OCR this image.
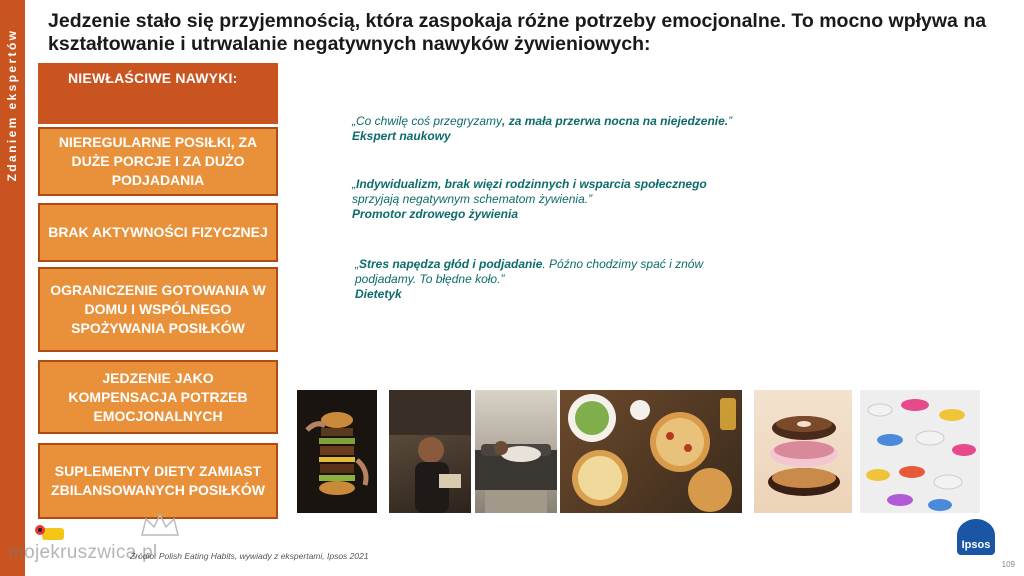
Zdaniem ekspertów
Jedzenie stało się przyjemnością, która zaspokaja różne potrzeby emocjonalne. To mocno wpływa na kształtowanie i utrwalanie negatywnych nawyków żywieniowych:
NIEWŁAŚCIWE NAWYKI:
NIEREGULARNE POSIŁKI, ZA DUŻE PORCJE I ZA DUŻO PODJADANIA
BRAK AKTYWNOŚCI FIZYCZNEJ
OGRANICZENIE GOTOWANIA W DOMU I WSPÓLNEGO SPOŻYWANIA POSIŁKÓW
JEDZENIE JAKO KOMPENSACJA POTRZEB EMOCJONALNYCH
SUPLEMENTY DIETY ZAMIAST ZBILANSOWANYCH POSIŁKÓW
„Co chwilę coś przegryzamy, za mała przerwa nocna na niejedzenie.”
Ekspert naukowy
„Indywidualizm, brak więzi rodzinnych i wsparcia społecznego sprzyjają negatywnym schematom żywienia.”
Promotor zdrowego żywienia
„Stres napędza głód i podjadanie. Późno chodzimy spać i znów podjadamy. To błędne koło.”
Dietetyk
mojekruszwica.pl
Źródło: Polish Eating Habits, wywiady z ekspertami, Ipsos 2021
Ipsos
109
